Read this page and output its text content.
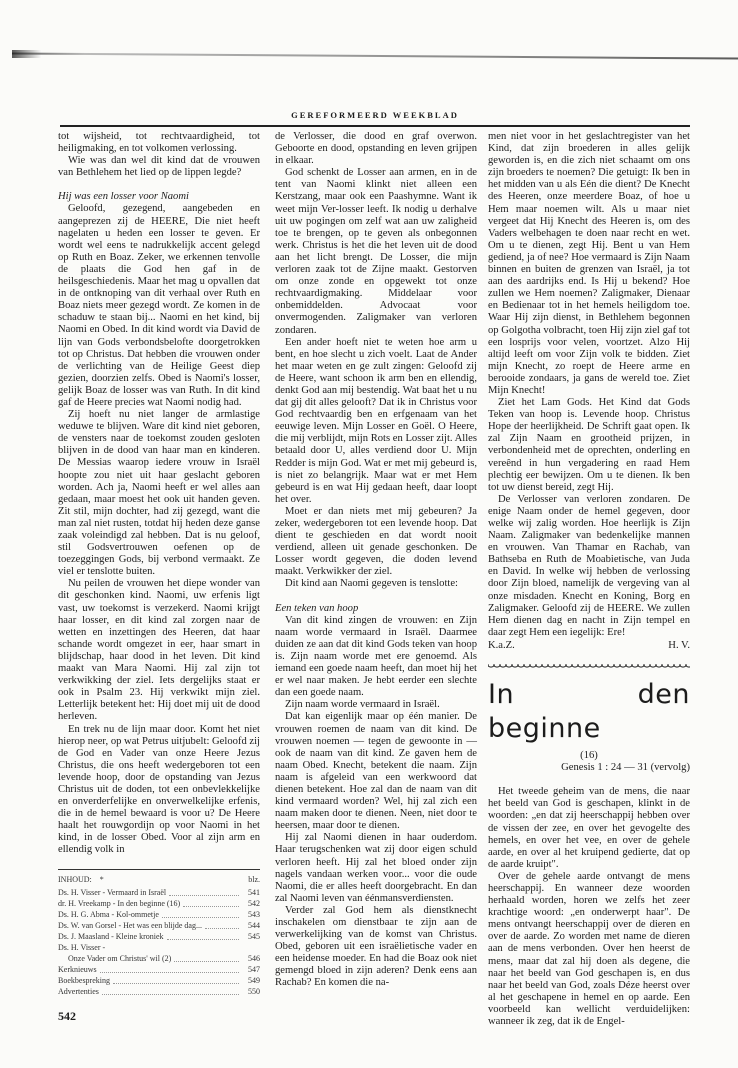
GEREFORMEERD WEEKBLAD

tot wijsheid, tot rechtvaardigheid, tot heiligmaking, en tot volkomen verlossing.

Wie was dan wel dit kind dat de vrouwen van Bethlehem het lied op de lippen legde?

Hij was een losser voor Naomi

Geloofd, gezegend, aangebeden en aangeprezen zij de HEERE, Die niet heeft nagelaten u heden een losser te geven. Er wordt wel eens te nadrukkelijk accent gelegd op Ruth en Boaz. Zeker, we erkennen tenvolle de plaats die God hen gaf in de heilsgeschiedenis. Maar het mag u opvallen dat in de ontknoping van dit verhaal over Ruth en Boaz niets meer gezegd wordt. Ze komen in de schaduw te staan bij... Naomi en het kind, bij Naomi en Obed. In dit kind wordt via David de lijn van Gods verbondsbelofte doorgetrokken tot op Christus. Dat hebben die vrouwen onder de verlichting van de Heilige Geest diep gezien, doorzien zelfs. Obed is Naomi's losser, gelijk Boaz de losser was van Ruth. In dit kind gaf de Heere precies wat Naomi nodig had.

Zij hoeft nu niet langer de armlastige weduwe te blijven. Ware dit kind niet geboren, de vensters naar de toekomst zouden gesloten blijven in de dood van haar man en kinderen. De Messias waarop iedere vrouw in Israël hoopte zou niet uit haar geslacht geboren worden. Ach ja, Naomi heeft er wel alles aan gedaan, maar moest het ook uit handen geven. Zit stil, mijn dochter, had zij gezegd, want die man zal niet rusten, totdat hij heden deze ganse zaak voleindigd zal hebben. Dat is nu geloof, stil Godsvertrouwen oefenen op de toezeggingen Gods, bij verbond vermaakt. Ze viel er tenslotte buiten.

Nu peilen de vrouwen het diepe wonder van dit geschonken kind. Naomi, uw erfenis ligt vast, uw toekomst is verzekerd. Naomi krijgt haar losser, en dit kind zal zorgen naar de wetten en inzettingen des Heeren, dat haar schande wordt omgezet in eer, haar smart in blijdschap, haar dood in het leven. Dit kind maakt van Mara Naomi. Hij zal zijn tot verkwikking der ziel. Iets dergelijks staat er ook in Psalm 23. Hij verkwikt mijn ziel. Letterlijk betekent het: Hij doet mij uit de dood herleven.

En trek nu de lijn maar door. Komt het niet hierop neer, op wat Petrus uitjubelt: Geloofd zij de God en Vader van onze Heere Jezus Christus, die ons heeft wedergeboren tot een levende hoop, door de opstanding van Jezus Christus uit de doden, tot een onbevlekkelijke en onverderfelijke en onverwelkelijke erfenis, die in de hemel bewaard is voor u? De Heere haalt het rouwgordijn op voor Naomi in het kind, in de losser Obed. Voor al zijn arm en ellendig volk in

INHOUD: *	blz.
Ds. H. Visser - Vermaard in Israël	541
dr. H. Vreekamp - In den beginne (16)	542
Ds. H. G. Abma - Kol-ommetje	543
Ds. W. van Gorsel - Het was een blijde dag...	544
Ds. J. Maasland - Kleine kroniek	545
Ds. H. Visser -
Onze Vader om Christus' wil (2)	546
Kerknieuws	547
Boekbespreking	549
Advertenties	550
542

de Verlosser, die dood en graf overwon. Geboorte en dood, opstanding en leven grijpen in elkaar.

God schenkt de Losser aan armen, en in de tent van Naomi klinkt niet alleen een Kerstzang, maar ook een Paashymne. Want ik weet mijn Ver-losser leeft. Ik nodig u derhalve uit uw pogingen om zelf wat aan uw zaligheid toe te brengen, op te geven als onbegonnen werk. Christus is het die het leven uit de dood aan het licht brengt. De Losser, die mijn verloren zaak tot de Zijne maakt. Gestorven om onze zonde en opgewekt tot onze rechtvaardigmaking. Middelaar voor onbemiddelden. Advocaat voor onvermogenden. Zaligmaker van verloren zondaren.

Een ander hoeft niet te weten hoe arm u bent, en hoe slecht u zich voelt. Laat de Ander het maar weten en ge zult zingen: Geloofd zij de Heere, want schoon ik arm ben en ellendig, denkt God aan mij bestendig. Wat baat het u nu dat gij dit alles gelooft? Dat ik in Christus voor God rechtvaardig ben en erfgenaam van het eeuwige leven. Mijn Losser en Goël. O Heere, die mij verblijdt, mijn Rots en Losser zijt. Alles betaald door U, alles verdiend door U. Mijn Redder is mijn God. Wat er met mij gebeurd is, is niet zo belangrijk. Maar wat er met Hem gebeurd is en wat Hij gedaan heeft, daar loopt het over.

Moet er dan niets met mij gebeuren? Ja zeker, wedergeboren tot een levende hoop. Dat dient te geschieden en dat wordt nooit verdiend, alleen uit genade geschonken. De Losser wordt gegeven, die doden levend maakt. Verkwikker der ziel.

Dit kind aan Naomi gegeven is tenslotte:

Een teken van hoop

Van dit kind zingen de vrouwen: en Zijn naam worde vermaard in Israël. Daarmee duiden ze aan dat dit kind Gods teken van hoop is. Zijn naam worde met ere genoemd. Als iemand een goede naam heeft, dan moet hij het er wel naar maken. Je hebt eerder een slechte dan een goede naam.

Zijn naam worde vermaard in Israël.

Dat kan eigenlijk maar op één manier. De vrouwen roemen de naam van dit kind. De vrouwen noemen — tegen de gewoonte in — ook de naam van dit kind. Ze gaven hem de naam Obed. Knecht, betekent die naam. Zijn naam is afgeleid van een werkwoord dat dienen betekent. Hoe zal dan de naam van dit kind vermaard worden? Wel, hij zal zich een naam maken door te dienen. Neen, niet door te heersen, maar door te dienen.

Hij zal Naomi dienen in haar ouderdom. Haar terugschenken wat zij door eigen schuld verloren heeft. Hij zal het bloed onder zijn nagels vandaan werken voor... voor die oude Naomi, die er alles heeft doorgebracht. En dan zal Naomi leven van éénmansverdiensten.

Verder zal God hem als dienstknecht inschakelen om dienstbaar te zijn aan de verwerkelijking van de komst van Christus. Obed, geboren uit een israëlietische vader en een heidense moeder. En had die Boaz ook niet gemengd bloed in zijn aderen? Denk eens aan Rachab? En komen die na-

men niet voor in het geslachtregister van het Kind, dat zijn broederen in alles gelijk geworden is, en die zich niet schaamt om ons zijn broeders te noemen? Die getuigt: Ik ben in het midden van u als Eén die dient? De Knecht des Heeren, onze meerdere Boaz, of hoe u Hem maar noemen wilt. Als u maar niet vergeet dat Hij Knecht des Heeren is, om des Vaders welbehagen te doen naar recht en wet. Om u te dienen, zegt Hij. Bent u van Hem gediend, ja of nee? Hoe vermaard is Zijn Naam binnen en buiten de grenzen van Israël, ja tot aan des aardrijks end. Is Hij u bekend? Hoe zullen we Hem noemen? Zaligmaker, Dienaar en Bedienaar tot in het hemels heiligdom toe. Waar Hij zijn dienst, in Bethlehem begonnen op Golgotha volbracht, toen Hij zijn ziel gaf tot een losprijs voor velen, voortzet. Alzo Hij altijd leeft om voor Zijn volk te bidden. Ziet mijn Knecht, zo roept de Heere arme en berooide zondaars, ja gans de wereld toe. Ziet Mijn Knecht!

Ziet het Lam Gods. Het Kind dat Gods Teken van hoop is. Levende hoop. Christus Hope der heerlijkheid. De Schrift gaat open. Ik zal Zijn Naam en grootheid prijzen, in verbondenheid met de oprechten, onderling en vereênd in hun vergadering en raad Hem plechtig eer bewijzen. Om u te dienen. Ik ben tot uw dienst bereid, zegt Hij.

De Verlosser van verloren zondaren. De enige Naam onder de hemel gegeven, door welke wij zalig worden. Hoe heerlijk is Zijn Naam. Zaligmaker van bedenkelijke mannen en vrouwen. Van Thamar en Rachab, van Bathseba en Ruth de Moabietische, van Juda en David. In welke wij hebben de verlossing door Zijn bloed, namelijk de vergeving van al onze misdaden. Knecht en Koning, Borg en Zaligmaker. Geloofd zij de HEERE. We zullen Hem dienen dag en nacht in Zijn tempel en daar zegt Hem een iegelijk: Ere!

K.a.Z.	H. V.
In den beginne
(16)
Genesis 1 : 24 — 31 (vervolg)

Het tweede geheim van de mens, die naar het beeld van God is geschapen, klinkt in de woorden: „en dat zij heerschappij hebben over de vissen der zee, en over het gevogelte des hemels, en over het vee, en over de gehele aarde, en over al het kruipend gedierte, dat op de aarde kruipt".

Over de gehele aarde ontvangt de mens heerschappij. En wanneer deze woorden herhaald worden, horen we zelfs het zeer krachtige woord: „en onderwerpt haar". De mens ontvangt heerschappij over de dieren en over de aarde. Zo worden met name de dieren aan de mens verbonden. Over hen heerst de mens, maar dat zal hij doen als degene, die naar het beeld van God geschapen is, en dus naar het beeld van God, zoals Déze heerst over al het geschapene in hemel en op aarde. Een voorbeeld kan wellicht verduidelijken: wanneer ik zeg, dat ik de Engel-
